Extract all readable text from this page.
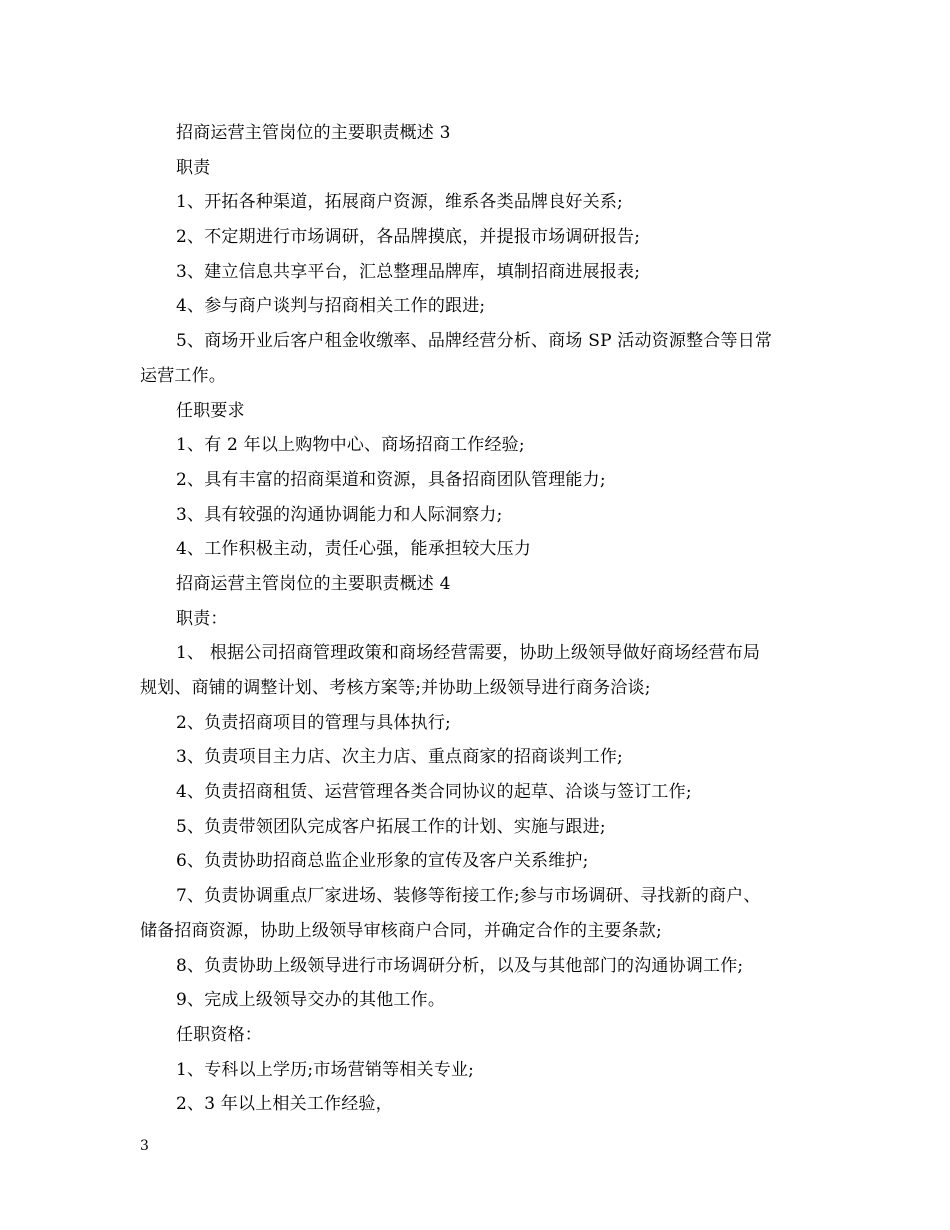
招商运营主管岗位的主要职责概述 3
职责
1、开拓各种渠道，拓展商户资源，维系各类品牌良好关系;
2、不定期进行市场调研，各品牌摸底，并提报市场调研报告;
3、建立信息共享平台，汇总整理品牌库，填制招商进展报表;
4、参与商户谈判与招商相关工作的跟进;
5、商场开业后客户租金收缴率、品牌经营分析、商场 SP 活动资源整合等日常
运营工作。
任职要求
1、有 2 年以上购物中心、商场招商工作经验;
2、具有丰富的招商渠道和资源，具备招商团队管理能力;
3、具有较强的沟通协调能力和人际洞察力;
4、工作积极主动，责任心强，能承担较大压力
招商运营主管岗位的主要职责概述 4
职责：
1、 根据公司招商管理政策和商场经营需要，协助上级领导做好商场经营布局
规划、商铺的调整计划、考核方案等;并协助上级领导进行商务洽谈;
2、负责招商项目的管理与具体执行;
3、负责项目主力店、次主力店、重点商家的招商谈判工作;
4、负责招商租赁、运营管理各类合同协议的起草、洽谈与签订工作;
5、负责带领团队完成客户拓展工作的计划、实施与跟进;
6、负责协助招商总监企业形象的宣传及客户关系维护;
7、负责协调重点厂家进场、装修等衔接工作;参与市场调研、寻找新的商户、
储备招商资源，协助上级领导审核商户合同，并确定合作的主要条款;
8、负责协助上级领导进行市场调研分析，以及与其他部门的沟通协调工作;
9、完成上级领导交办的其他工作。
任职资格：
1、专科以上学历;市场营销等相关专业;
2、3 年以上相关工作经验，
3
